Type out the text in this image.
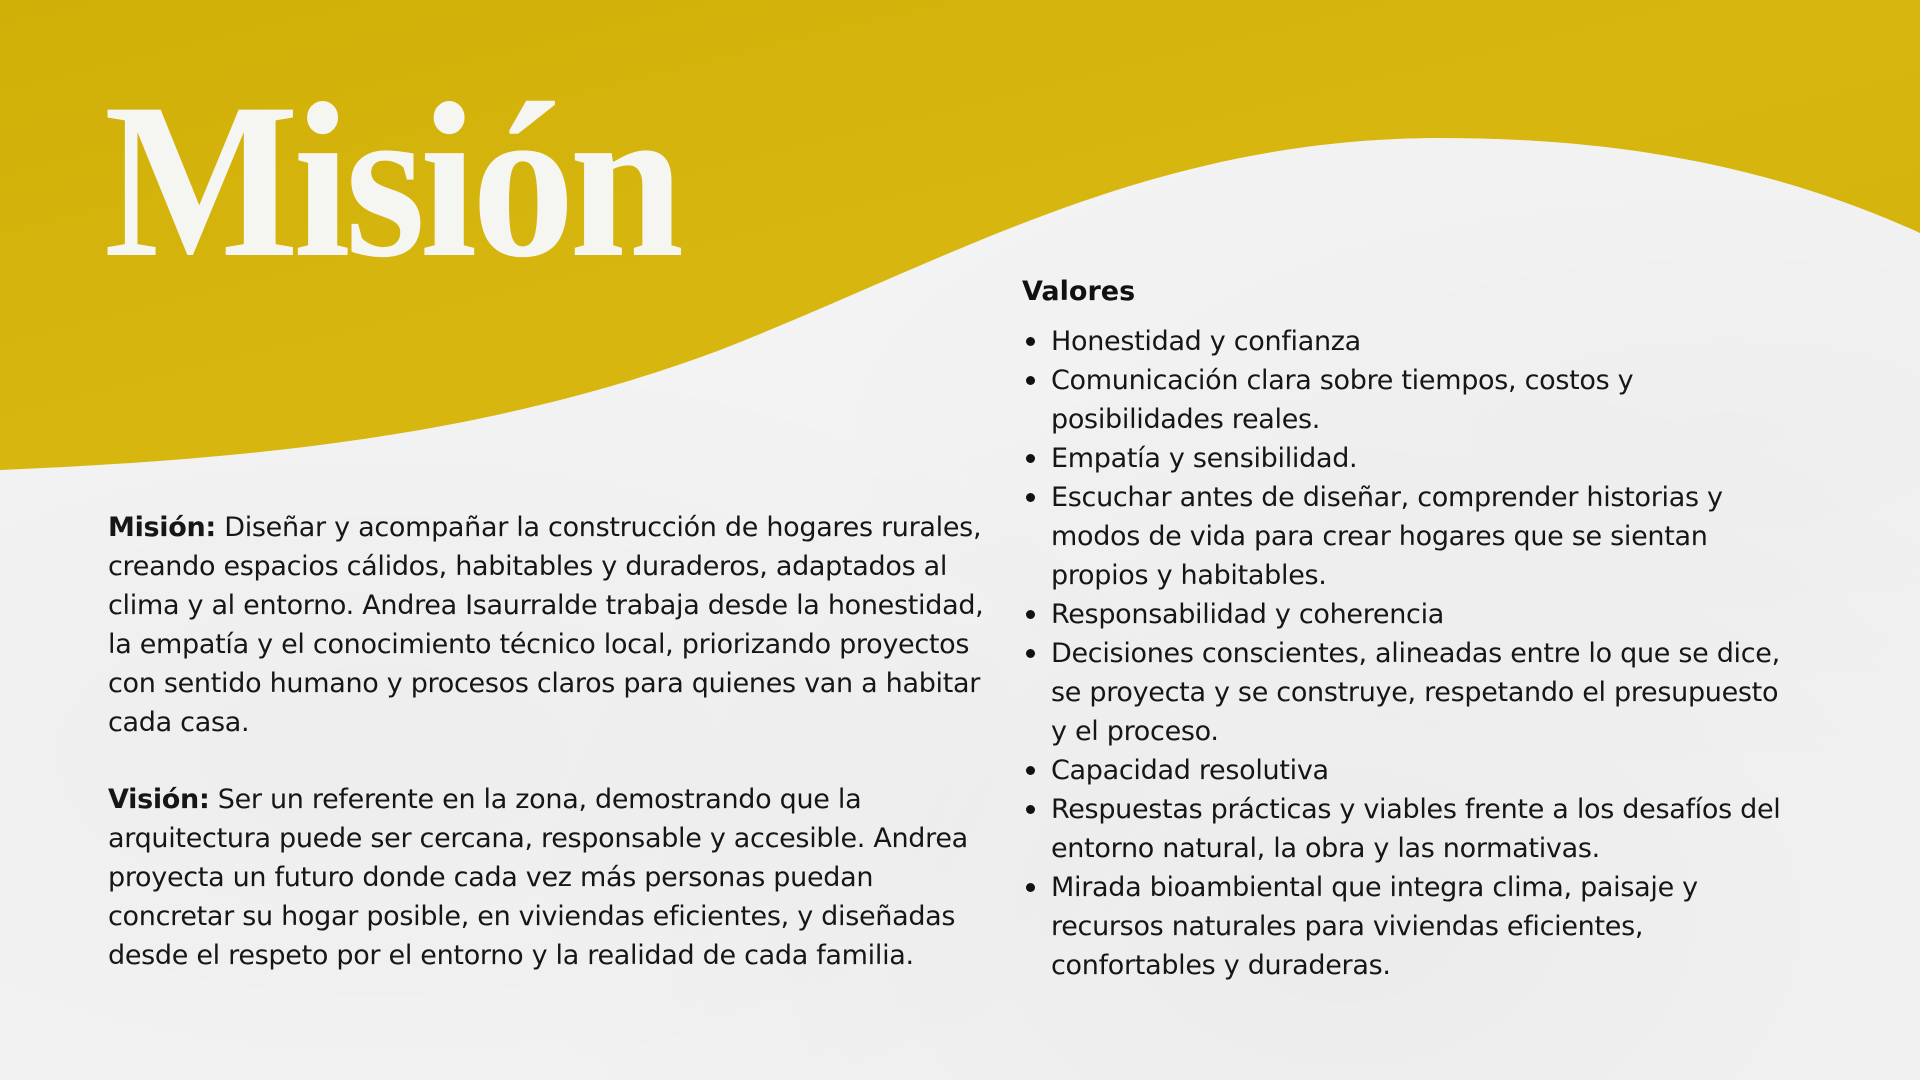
Misión

Misión: Diseñar y acompañar la construcción de hogares rurales, creando espacios cálidos, habitables y duraderos, adaptados al clima y al entorno. Andrea Isaurralde trabaja desde la honestidad, la empatía y el conocimiento técnico local, priorizando proyectos con sentido humano y procesos claros para quienes van a habitar cada casa.

Visión: Ser un referente en la zona, demostrando que la arquitectura puede ser cercana, responsable y accesible. Andrea proyecta un futuro donde cada vez más personas puedan concretar su hogar posible, en viviendas eficientes, y diseñadas desde el respeto por el entorno y la realidad de cada familia.

Valores
Honestidad y confianza
Comunicación clara sobre tiempos, costos y posibilidades reales.
Empatía y sensibilidad.
Escuchar antes de diseñar, comprender historias y modos de vida para crear hogares que se sientan propios y habitables.
Responsabilidad y coherencia
Decisiones conscientes, alineadas entre lo que se dice, se proyecta y se construye, respetando el presupuesto y el proceso.
Capacidad resolutiva
Respuestas prácticas y viables frente a los desafíos del entorno natural, la obra y las normativas.
Mirada bioambiental que integra clima, paisaje y recursos naturales para viviendas eficientes, confortables y duraderas.
